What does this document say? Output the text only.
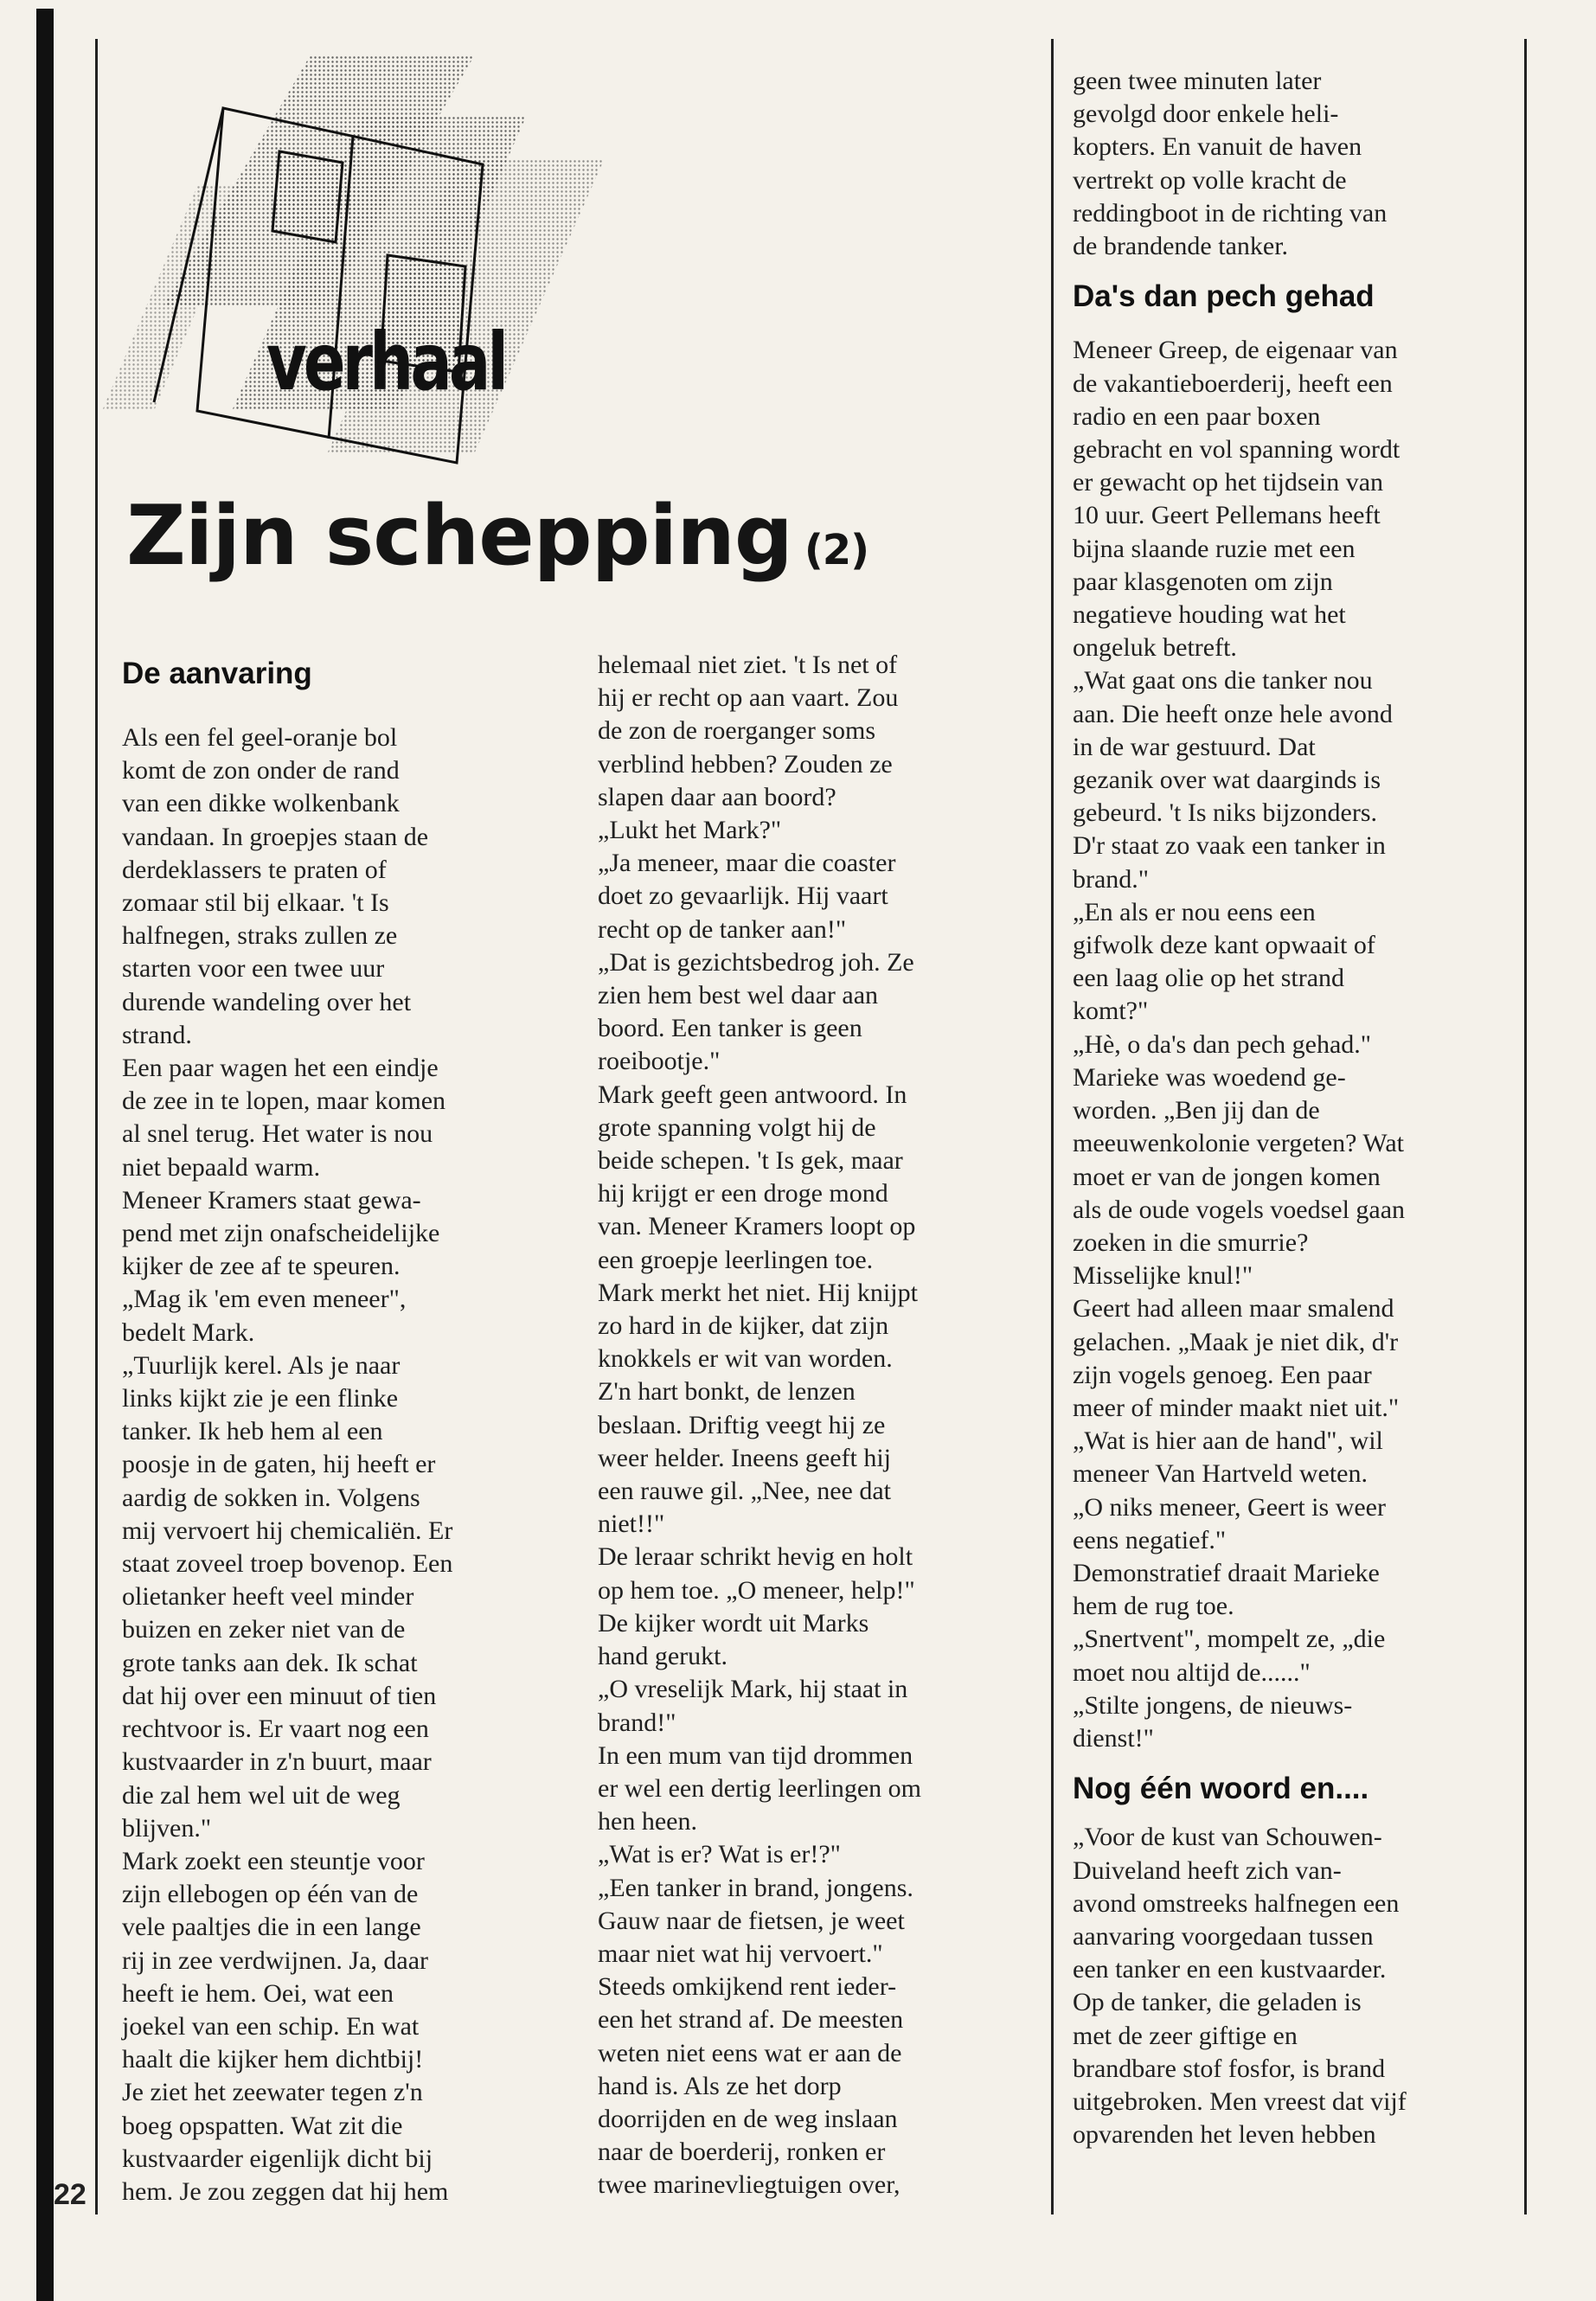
verhaal
Zijn schepping (2)
De aanvaring

Als een fel geel-oranje bol

komt de zon onder de rand

van een dikke wolkenbank

vandaan. In groepjes staan de

derdeklassers te praten of

zomaar stil bij elkaar. 't Is

halfnegen, straks zullen ze

starten voor een twee uur

durende wandeling over het

strand.

Een paar wagen het een eindje

de zee in te lopen, maar komen

al snel terug. Het water is nou

niet bepaald warm.

Meneer Kramers staat gewa-

pend met zijn onafscheidelijke

kijker de zee af te speuren.

„Mag ik 'em even meneer",

bedelt Mark.

„Tuurlijk kerel. Als je naar

links kijkt zie je een flinke

tanker. Ik heb hem al een

poosje in de gaten, hij heeft er

aardig de sokken in. Volgens

mij vervoert hij chemicaliën. Er

staat zoveel troep bovenop. Een

olietanker heeft veel minder

buizen en zeker niet van de

grote tanks aan dek. Ik schat

dat hij over een minuut of tien

rechtvoor is. Er vaart nog een

kustvaarder in z'n buurt, maar

die zal hem wel uit de weg

blijven."

Mark zoekt een steuntje voor

zijn ellebogen op één van de

vele paaltjes die in een lange

rij in zee verdwijnen. Ja, daar

heeft ie hem. Oei, wat een

joekel van een schip. En wat

haalt die kijker hem dichtbij!

Je ziet het zeewater tegen z'n

boeg opspatten. Wat zit die

kustvaarder eigenlijk dicht bij

hem. Je zou zeggen dat hij hem

helemaal niet ziet. 't Is net of

hij er recht op aan vaart. Zou

de zon de roerganger soms

verblind hebben? Zouden ze

slapen daar aan boord?

„Lukt het Mark?"

„Ja meneer, maar die coaster

doet zo gevaarlijk. Hij vaart

recht op de tanker aan!"

„Dat is gezichtsbedrog joh. Ze

zien hem best wel daar aan

boord. Een tanker is geen

roeibootje."

Mark geeft geen antwoord. In

grote spanning volgt hij de

beide schepen. 't Is gek, maar

hij krijgt er een droge mond

van. Meneer Kramers loopt op

een groepje leerlingen toe.

Mark merkt het niet. Hij knijpt

zo hard in de kijker, dat zijn

knokkels er wit van worden.

Z'n hart bonkt, de lenzen

beslaan. Driftig veegt hij ze

weer helder. Ineens geeft hij

een rauwe gil. „Nee, nee dat

niet!!"

De leraar schrikt hevig en holt

op hem toe. „O meneer, help!"

De kijker wordt uit Marks

hand gerukt.

„O vreselijk Mark, hij staat in

brand!"

In een mum van tijd drommen

er wel een dertig leerlingen om

hen heen.

„Wat is er? Wat is er!?"

„Een tanker in brand, jongens.

Gauw naar de fietsen, je weet

maar niet wat hij vervoert."

Steeds omkijkend rent ieder-

een het strand af. De meesten

weten niet eens wat er aan de

hand is. Als ze het dorp

doorrijden en de weg inslaan

naar de boerderij, ronken er

twee marinevliegtuigen over,

geen twee minuten later

gevolgd door enkele heli-

kopters. En vanuit de haven

vertrekt op volle kracht de

reddingboot in de richting van

de brandende tanker.

Da's dan pech gehad

Meneer Greep, de eigenaar van

de vakantieboerderij, heeft een

radio en een paar boxen

gebracht en vol spanning wordt

er gewacht op het tijdsein van

10 uur. Geert Pellemans heeft

bijna slaande ruzie met een

paar klasgenoten om zijn

negatieve houding wat het

ongeluk betreft.

„Wat gaat ons die tanker nou

aan. Die heeft onze hele avond

in de war gestuurd. Dat

gezanik over wat daarginds is

gebeurd. 't Is niks bijzonders.

D'r staat zo vaak een tanker in

brand."

„En als er nou eens een

gifwolk deze kant opwaait of

een laag olie op het strand

komt?"

„Hè, o da's dan pech gehad."

Marieke was woedend ge-

worden. „Ben jij dan de

meeuwenkolonie vergeten? Wat

moet er van de jongen komen

als de oude vogels voedsel gaan

zoeken in die smurrie?

Misselijke knul!"

Geert had alleen maar smalend

gelachen. „Maak je niet dik, d'r

zijn vogels genoeg. Een paar

meer of minder maakt niet uit."

„Wat is hier aan de hand", wil

meneer Van Hartveld weten.

„O niks meneer, Geert is weer

eens negatief."

Demonstratief draait Marieke

hem de rug toe.

„Snertvent", mompelt ze, „die

moet nou altijd de......"

„Stilte jongens, de nieuws-

dienst!"

Nog één woord en....

„Voor de kust van Schouwen-

Duiveland heeft zich van-

avond omstreeks halfnegen een

aanvaring voorgedaan tussen

een tanker en een kustvaarder.

Op de tanker, die geladen is

met de zeer giftige en

brandbare stof fosfor, is brand

uitgebroken. Men vreest dat vijf

opvarenden het leven hebben

22
